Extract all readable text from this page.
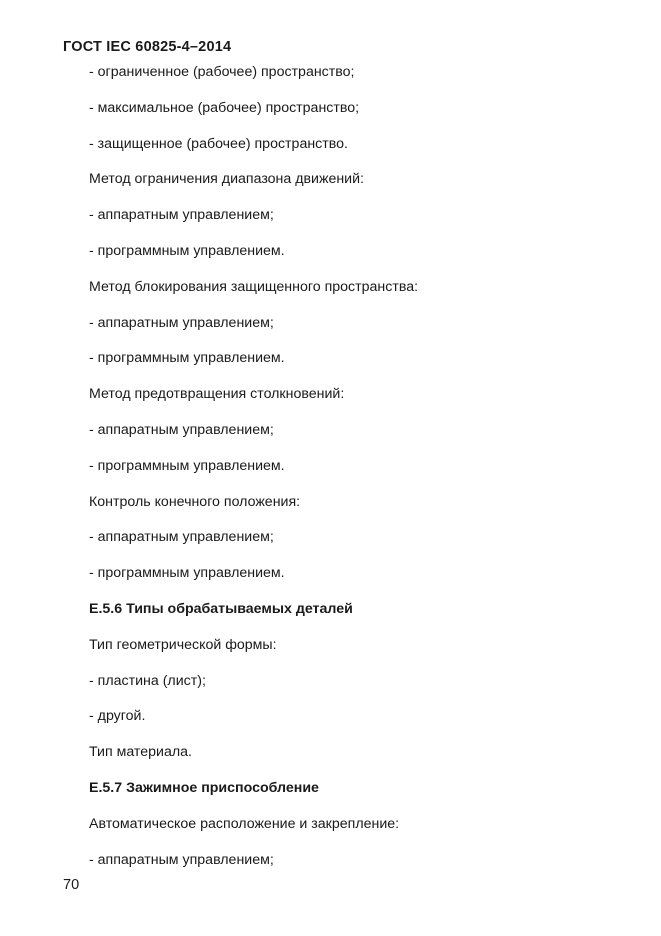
ГОСТ IEC 60825-4–2014
- ограниченное (рабочее) пространство;
- максимальное (рабочее) пространство;
- защищенное (рабочее) пространство.
Метод ограничения диапазона движений:
- аппаратным управлением;
- программным управлением.
Метод блокирования защищенного пространства:
- аппаратным управлением;
- программным управлением.
Метод предотвращения столкновений:
- аппаратным управлением;
- программным управлением.
Контроль конечного положения:
- аппаратным управлением;
- программным управлением.
Е.5.6 Типы обрабатываемых деталей
Тип геометрической формы:
- пластина (лист);
- другой.
Тип материала.
Е.5.7 Зажимное приспособление
Автоматическое расположение и закрепление:
- аппаратным управлением;
70
